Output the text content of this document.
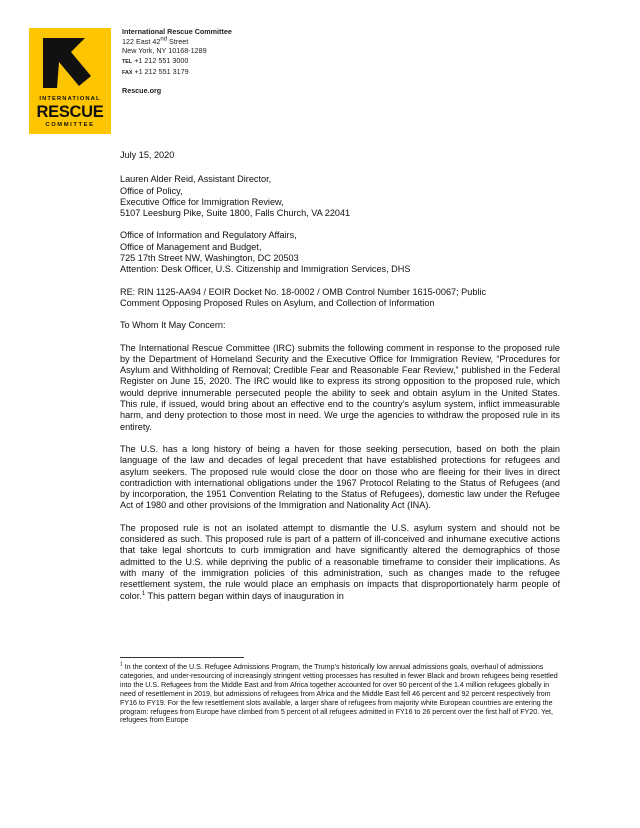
INTERNATIONAL
RESCUE
COMMITTEE
International Rescue Committee
122 East 42nd Street
New York, NY 10168-1289
TEL +1 212 551 3000
FAX +1 212 551 3179
Rescue.org

July 15, 2020

Lauren Alder Reid, Assistant Director,

Office of Policy,

Executive Office for Immigration Review,

5107 Leesburg Pike, Suite 1800, Falls Church, VA 22041

Office of Information and Regulatory Affairs,

Office of Management and Budget,

725 17th Street NW, Washington, DC 20503

Attention: Desk Officer, U.S. Citizenship and Immigration Services, DHS

RE: RIN 1125-AA94 / EOIR Docket No. 18-0002 / OMB Control Number 1615-0067; Public

Comment Opposing Proposed Rules on Asylum, and Collection of Information

To Whom It May Concern:

The International Rescue Committee (IRC) submits the following comment in response to the proposed rule by the Department of Homeland Security and the Executive Office for Immigration Review, “Procedures for Asylum and Withholding of Removal; Credible Fear and Reasonable Fear Review,” published in the Federal Register on June 15, 2020. The IRC would like to express its strong opposition to the proposed rule, which would deprive innumerable persecuted people the ability to seek and obtain asylum in the United States. This rule, if issued, would bring about an effective end to the country’s asylum system, inflict immeasurable harm, and deny protection to those most in need. We urge the agencies to withdraw the proposed rule in its entirety.

The U.S. has a long history of being a haven for those seeking persecution, based on both the plain language of the law and decades of legal precedent that have established protections for refugees and asylum seekers. The proposed rule would close the door on those who are fleeing for their lives in direct contradiction with international obligations under the 1967 Protocol Relating to the Status of Refugees (and by incorporation, the 1951 Convention Relating to the Status of Refugees), domestic law under the Refugee Act of 1980 and other provisions of the Immigration and Nationality Act (INA).

The proposed rule is not an isolated attempt to dismantle the U.S. asylum system and should not be considered as such. This proposed rule is part of a pattern of ill-conceived and inhumane executive actions that take legal shortcuts to curb immigration and have significantly altered the demographics of those admitted to the U.S. while depriving the public of a reasonable timeframe to consider their implications. As with many of the immigration policies of this administration, such as changes made to the refugee resettlement system, the rule would place an emphasis on impacts that disproportionately harm people of color.$^1$ This pattern began within days of inauguration in

$^1$ In the context of the U.S. Refugee Admissions Program, the Trump’s historically low annual admissions goals, overhaul of admissions categories, and under-resourcing of increasingly stringent vetting processes has resulted in fewer Black and brown refugees being resettled into the U.S. Refugees from the Middle East and from Africa together accounted for over 90 percent of the 1.4 million refugees globally in need of resettlement in 2019, but admissions of refugees from Africa and the Middle East fell 46 percent and 92 percent respectively from FY16 to FY19. For the few resettlement slots available, a larger share of refugees from majority white European countries are entering the program: refugees from Europe have climbed from 5 percent of all refugees admitted in FY16 to 26 percent over the first half of FY20. Yet, refugees from Europe
